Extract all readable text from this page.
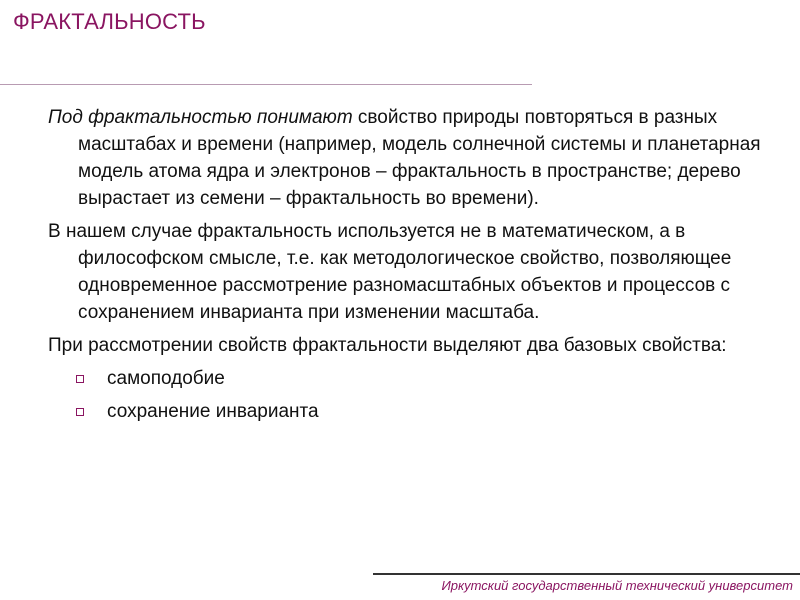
ФРАКТАЛЬНОСТЬ

Под фрактальностью понимают свойство природы повторяться в разных масштабах и времени (например, модель солнечной системы и планетарная модель атома ядра и электронов – фрактальность в пространстве; дерево вырастает из семени – фрактальность во времени).

В нашем случае фрактальность используется не в математическом, а в философском смысле, т.е. как методологическое свойство, позволяющее одновременное рассмотрение разномасштабных объектов и процессов с сохранением инварианта при изменении масштаба.

При рассмотрении свойств фрактальности выделяют два базовых свойства:

самоподобие
сохранение инварианта
Иркутский государственный технический университет
